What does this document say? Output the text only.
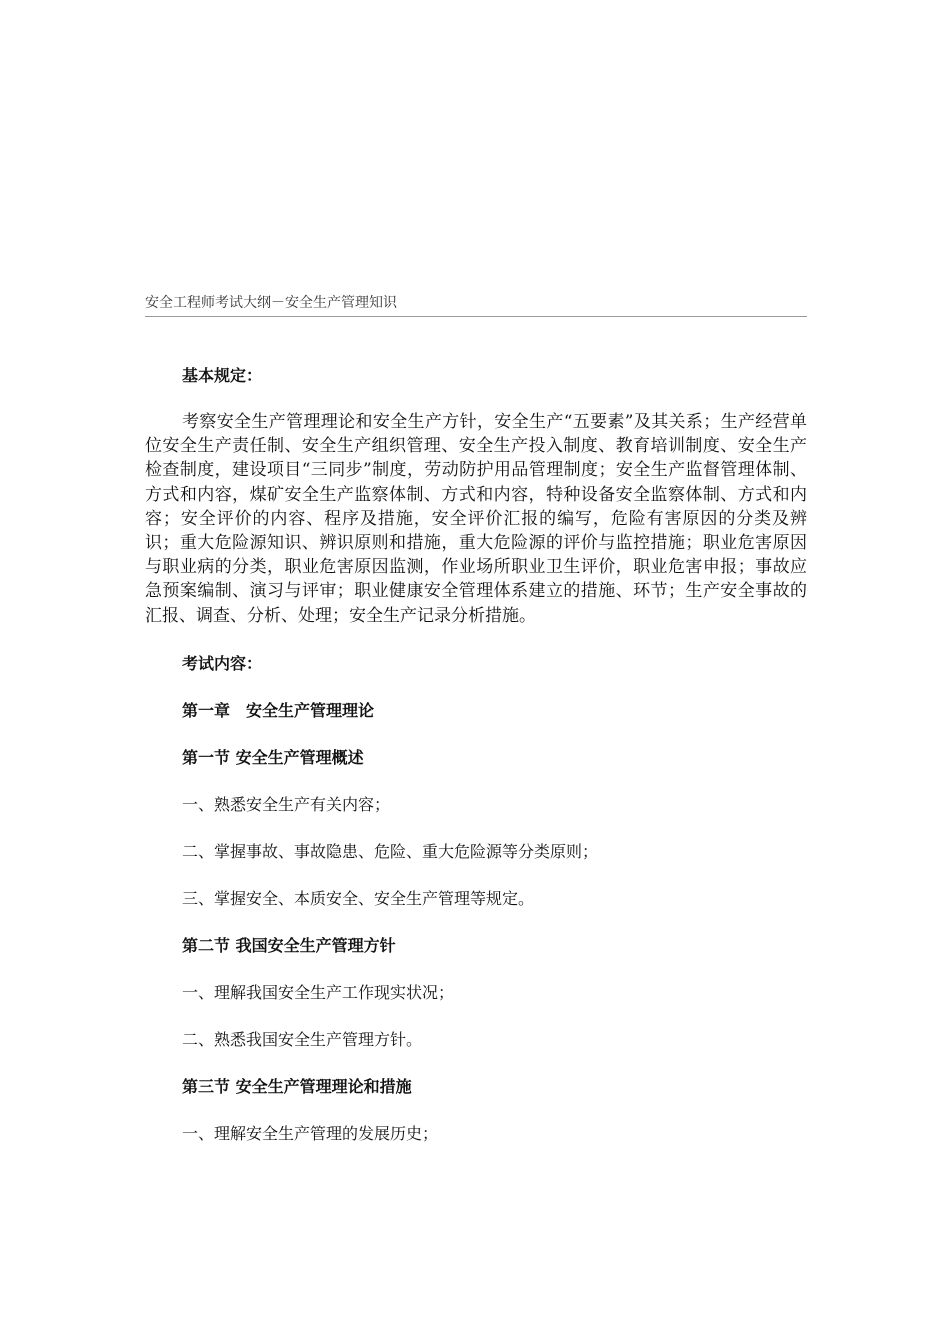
安全工程师考试大纲－安全生产管理知识

基本规定：

考察安全生产管理理论和安全生产方针，安全生产“五要素”及其关系；生产经营单位安全生产责任制、安全生产组织管理、安全生产投入制度、教育培训制度、安全生产检查制度，建设项目“三同步”制度，劳动防护用品管理制度；安全生产监督管理体制、方式和内容，煤矿安全生产监察体制、方式和内容，特种设备安全监察体制、方式和内容；安全评价的内容、程序及措施，安全评价汇报的编写，危险有害原因的分类及辨识；重大危险源知识、辨识原则和措施，重大危险源的评价与监控措施；职业危害原因与职业病的分类，职业危害原因监测，作业场所职业卫生评价，职业危害申报；事故应急预案编制、演习与评审；职业健康安全管理体系建立的措施、环节；生产安全事故的汇报、调查、分析、处理；安全生产记录分析措施。

考试内容：

第一章　安全生产管理理论

第一节 安全生产管理概述

一、熟悉安全生产有关内容；

二、掌握事故、事故隐患、危险、重大危险源等分类原则；

三、掌握安全、本质安全、安全生产管理等规定。

第二节 我国安全生产管理方针

一、理解我国安全生产工作现实状况；

二、熟悉我国安全生产管理方针。

第三节 安全生产管理理论和措施

一、理解安全生产管理的发展历史；
